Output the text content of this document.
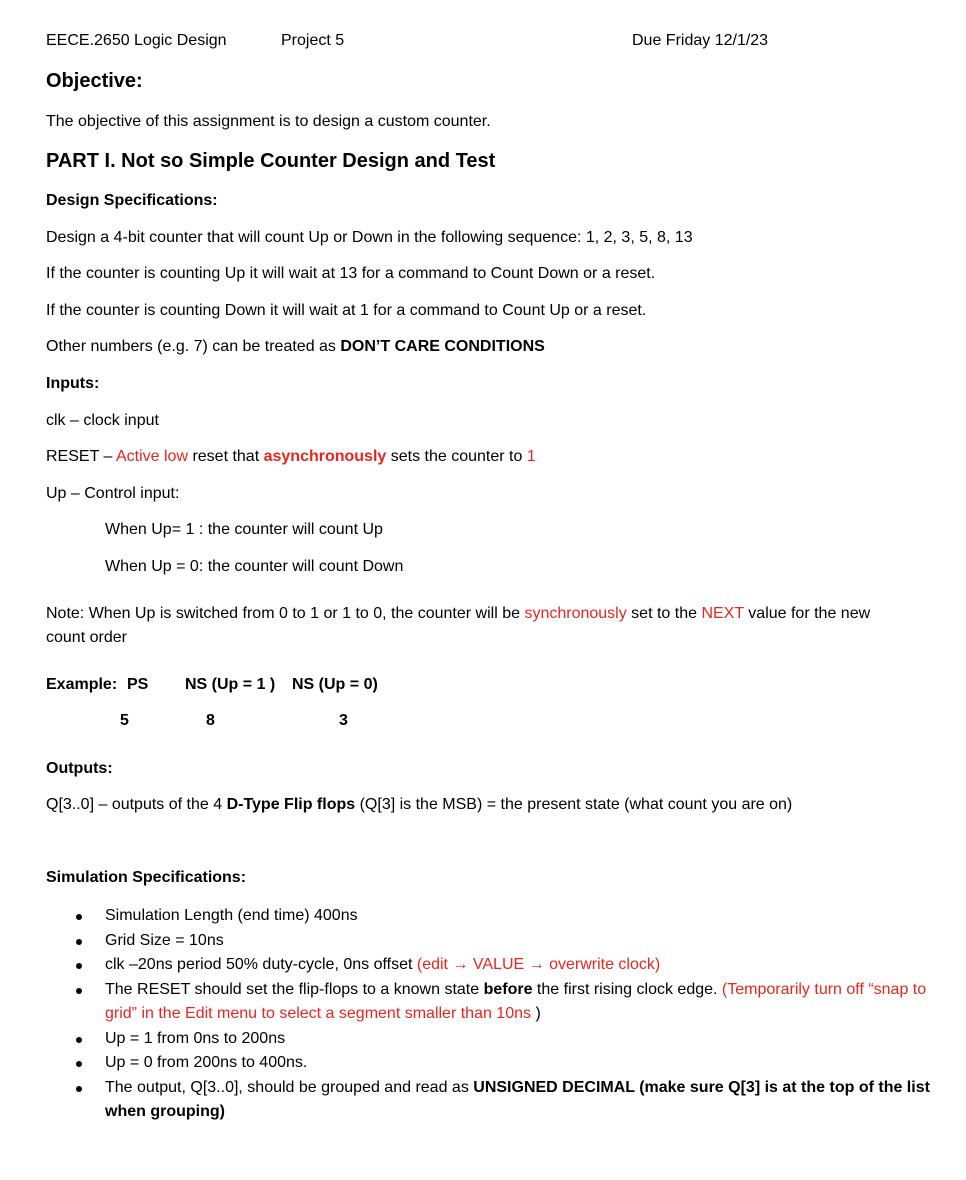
EECE.2650 Logic Design	Project 5	Due Friday 12/1/23
Objective:
The objective of this assignment is to design a custom counter.
PART I. Not so Simple Counter Design and Test
Design Specifications:
Design a 4-bit counter that will count Up or Down in the following sequence: 1, 2, 3, 5, 8, 13
If the counter is counting Up it will wait at 13 for a command to Count Down or a reset.
If the counter is counting Down it will wait at 1 for a command to Count Up or a reset.
Other numbers (e.g. 7) can be treated as DON’T CARE CONDITIONS
Inputs:
clk – clock input
RESET – Active low reset that asynchronously sets the counter to 1
Up – Control input:
When Up= 1 : the counter will count Up
When Up = 0: the counter will count Down
Note: When Up is switched from 0 to 1 or 1 to 0, the counter will be synchronously set to the NEXT value for the new
count order
Example: PS NS (Up = 1 ) NS (Up = 0)
5	8	3
Outputs:
Q[3..0] – outputs of the 4 D-Type Flip flops (Q[3] is the MSB) = the present state (what count you are on)
Simulation Specifications:
Simulation Length (end time) 400ns
Grid Size = 10ns
clk –20ns period 50% duty-cycle, 0ns offset (edit → VALUE → overwrite clock)
The RESET should set the flip-flops to a known state before the first rising clock edge. (Temporarily turn off “snap to grid” in the Edit menu to select a segment smaller than 10ns )
Up = 1 from 0ns to 200ns
Up = 0 from 200ns to 400ns.
The output, Q[3..0], should be grouped and read as UNSIGNED DECIMAL (make sure Q[3] is at the top of the list when grouping)
